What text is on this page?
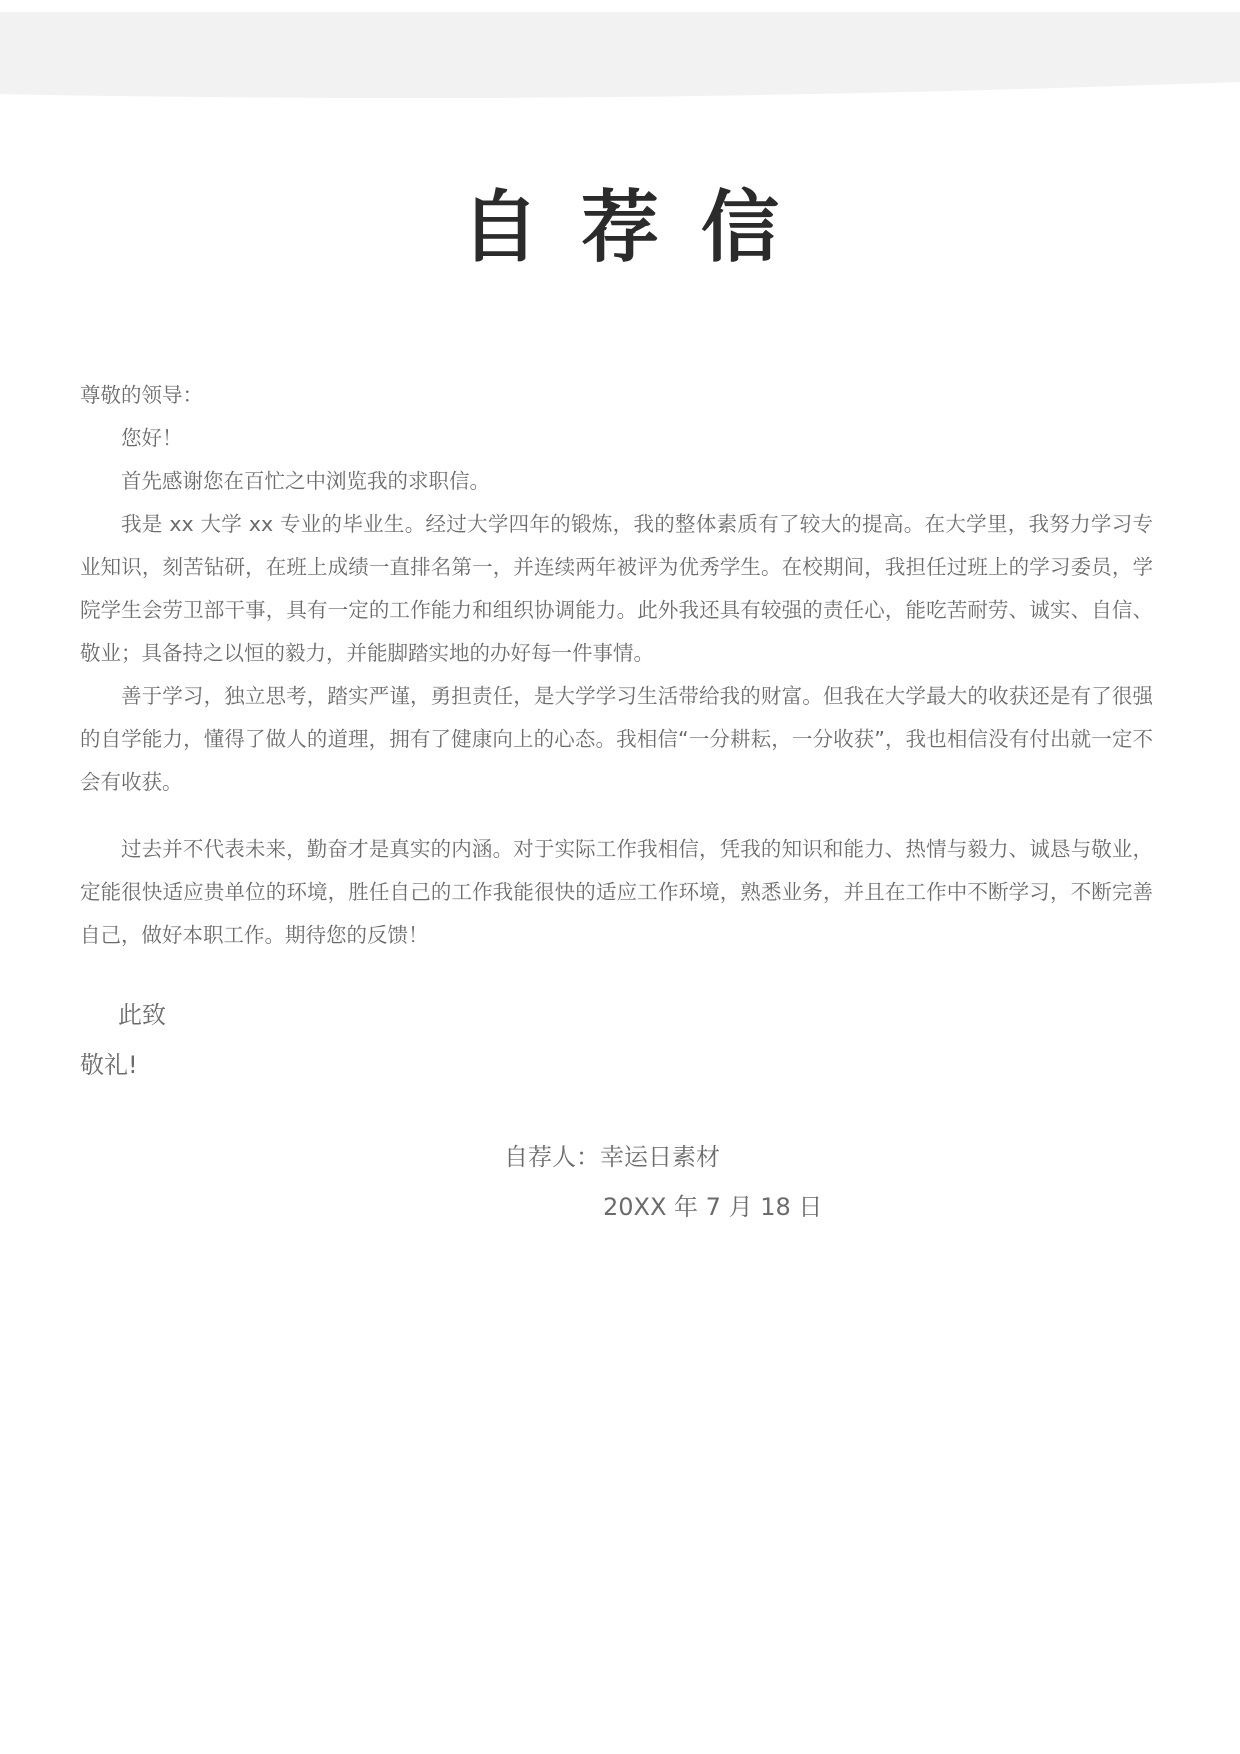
自荐信

尊敬的领导：

您好！

首先感谢您在百忙之中浏览我的求职信。

我是 xx 大学 xx 专业的毕业生。经过大学四年的锻炼，我的整体素质有了较大的提高。在大学里，我努力学习专业知识，刻苦钻研，在班上成绩一直排名第一，并连续两年被评为优秀学生。在校期间，我担任过班上的学习委员，学院学生会劳卫部干事，具有一定的工作能力和组织协调能力。此外我还具有较强的责任心，能吃苦耐劳、诚实、自信、敬业；具备持之以恒的毅力，并能脚踏实地的办好每一件事情。

善于学习，独立思考，踏实严谨，勇担责任，是大学学习生活带给我的财富。但我在大学最大的收获还是有了很强的自学能力，懂得了做人的道理，拥有了健康向上的心态。我相信“一分耕耘，一分收获”，我也相信没有付出就一定不会有收获。

过去并不代表未来，勤奋才是真实的内涵。对于实际工作我相信，凭我的知识和能力、热情与毅力、诚恳与敬业，定能很快适应贵单位的环境，胜任自己的工作我能很快的适应工作环境，熟悉业务，并且在工作中不断学习，不断完善自己，做好本职工作。期待您的反馈！

此致
敬礼!
自荐人：幸运日素材
20XX 年 7 月 18 日
